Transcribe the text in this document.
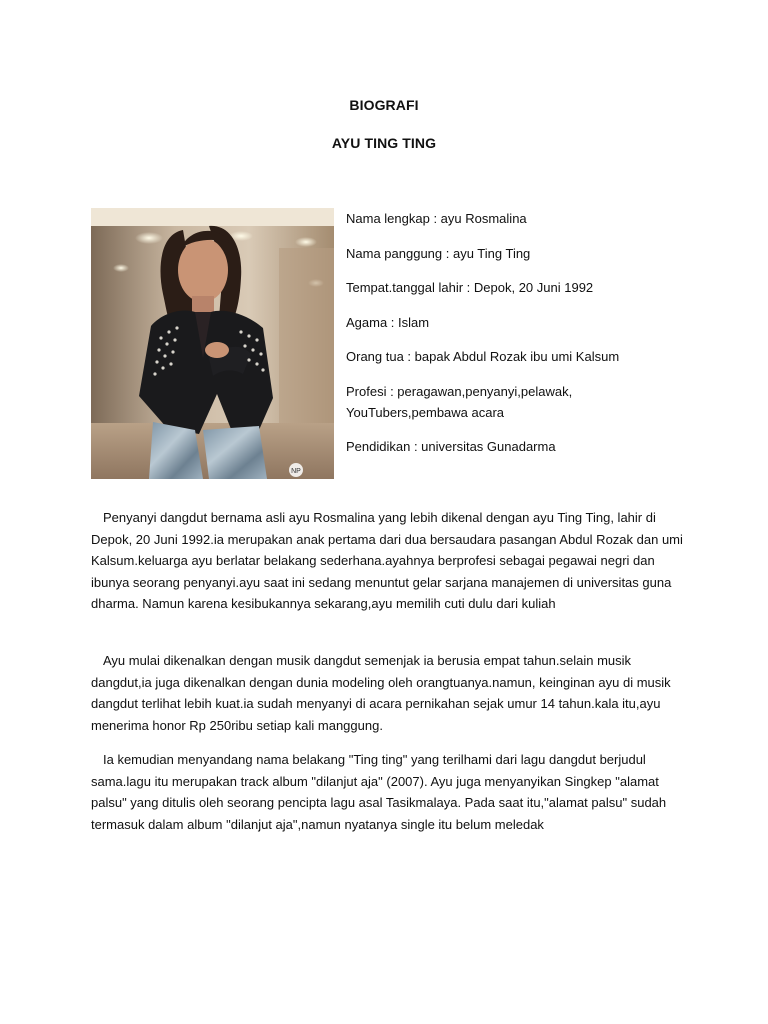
BIOGRAFI
AYU TING TING
NP

Nama lengkap : ayu Rosmalina

Nama panggung : ayu Ting Ting

Tempat.tanggal lahir : Depok, 20 Juni 1992

Agama : Islam

Orang tua : bapak Abdul Rozak ibu umi Kalsum

Profesi : peragawan,penyanyi,pelawak, YouTubers,pembawa acara

Pendidikan : universitas Gunadarma

Penyanyi dangdut bernama asli ayu Rosmalina yang lebih dikenal dengan ayu Ting Ting, lahir di Depok, 20 Juni 1992.ia merupakan anak pertama dari dua bersaudara pasangan Abdul Rozak dan umi Kalsum.keluarga ayu berlatar belakang sederhana.ayahnya berprofesi sebagai pegawai negri dan ibunya seorang penyanyi.ayu saat ini sedang menuntut gelar sarjana manajemen di universitas guna dharma. Namun karena kesibukannya sekarang,ayu memilih cuti dulu dari kuliah

Ayu mulai dikenalkan dengan musik dangdut semenjak ia berusia empat tahun.selain musik dangdut,ia juga dikenalkan dengan dunia modeling oleh orangtuanya.namun, keinginan ayu di musik dangdut terlihat lebih kuat.ia sudah menyanyi di acara pernikahan sejak umur 14 tahun.kala itu,ayu menerima honor Rp 250ribu setiap kali manggung.

Ia kemudian menyandang nama belakang "Ting ting" yang terilhami dari lagu dangdut berjudul sama.lagu itu merupakan track album "dilanjut aja" (2007). Ayu juga menyanyikan Singkep "alamat palsu" yang ditulis oleh seorang pencipta lagu asal Tasikmalaya. Pada saat itu,"alamat palsu" sudah termasuk dalam album "dilanjut aja",namun nyatanya single itu belum meledak
